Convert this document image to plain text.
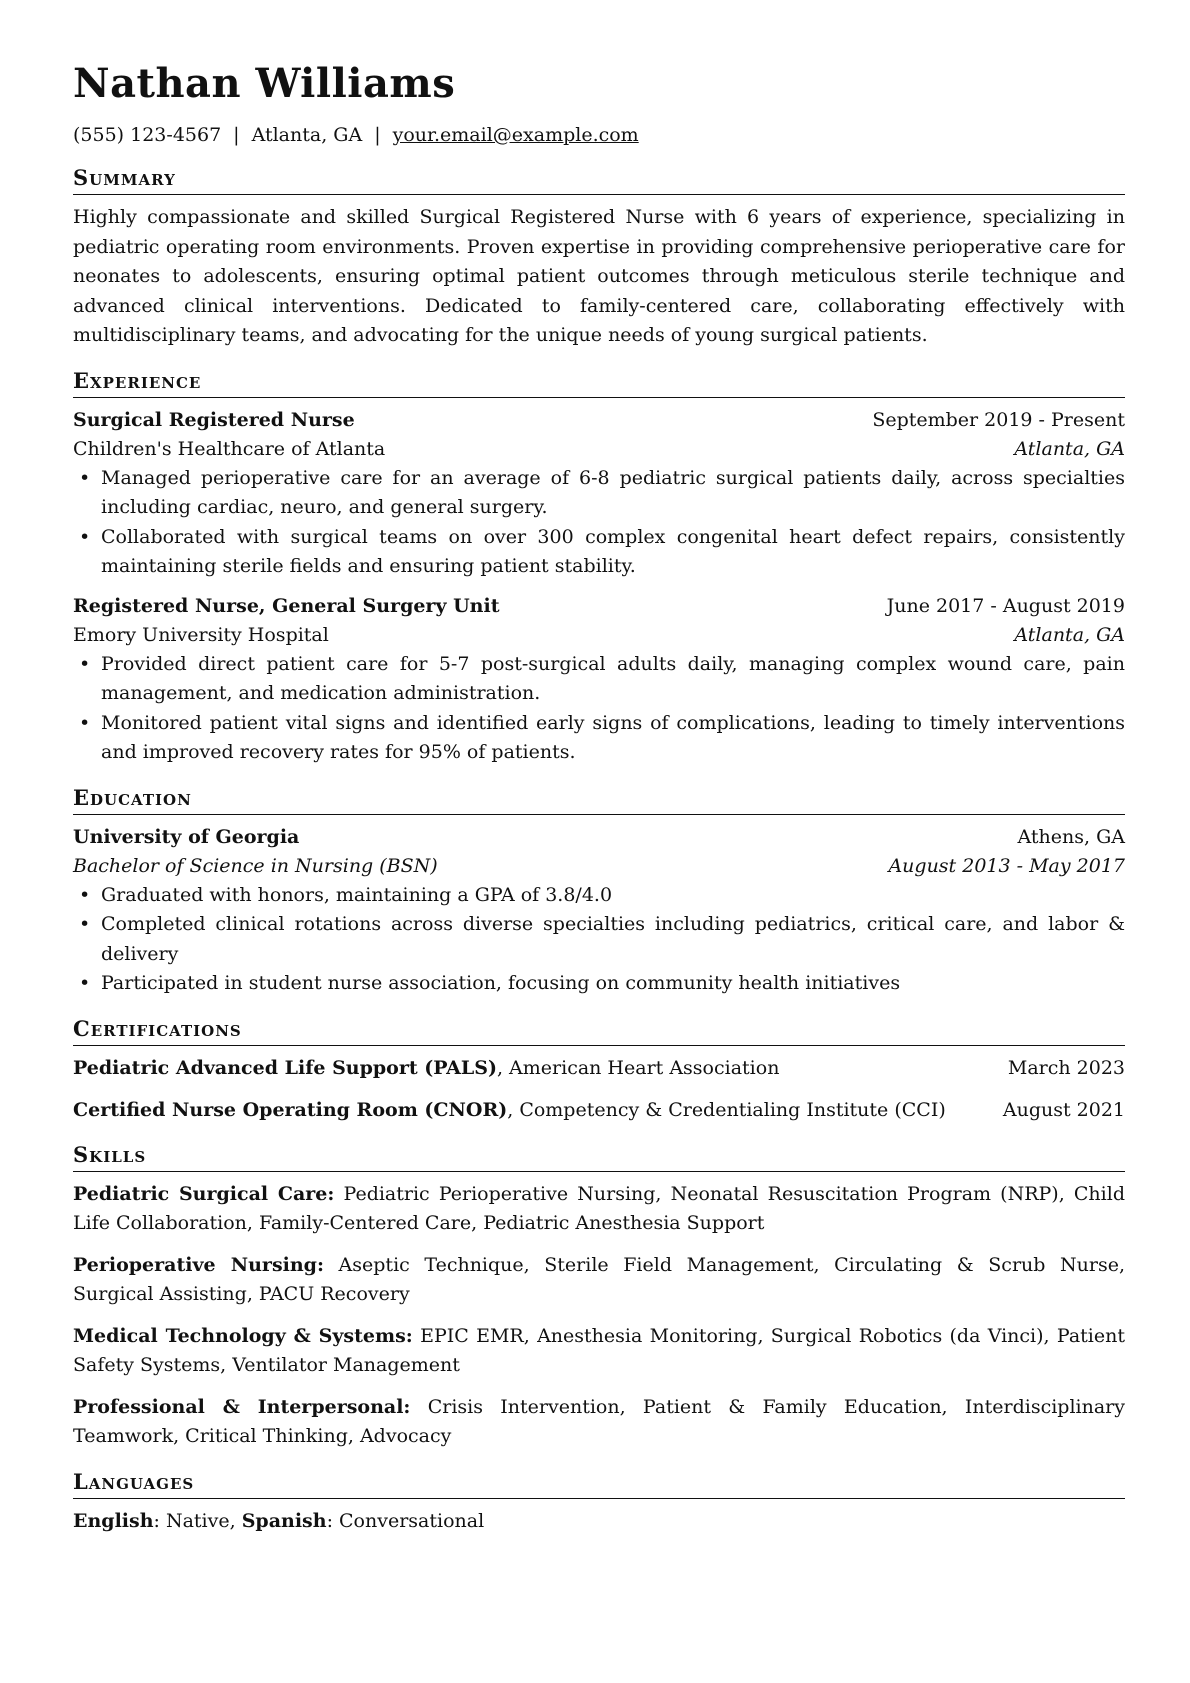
Nathan Williams
(555) 123-4567 | Atlanta, GA | your.email@example.com
Summary
Highly compassionate and skilled Surgical Registered Nurse with 6 years of experience, specializing in pediatric operating room environments. Proven expertise in providing comprehensive perioperative care for neonates to adolescents, ensuring optimal patient outcomes through meticulous sterile technique and advanced clinical interventions. Dedicated to family-centered care, collaborating effectively with multidisciplinary teams, and advocating for the unique needs of young surgical patients.
Experience
Surgical Registered Nurse	September 2019 - Present
Children's Healthcare of Atlanta	Atlanta, GA
• Managed perioperative care for an average of 6-8 pediatric surgical patients daily, across specialties including cardiac, neuro, and general surgery.
• Collaborated with surgical teams on over 300 complex congenital heart defect repairs, consistently maintaining sterile fields and ensuring patient stability.
Registered Nurse, General Surgery Unit	June 2017 - August 2019
Emory University Hospital	Atlanta, GA
• Provided direct patient care for 5-7 post-surgical adults daily, managing complex wound care, pain management, and medication administration.
• Monitored patient vital signs and identified early signs of complications, leading to timely interventions and improved recovery rates for 95% of patients.
Education
University of Georgia	Athens, GA
Bachelor of Science in Nursing (BSN)	August 2013 - May 2017
• Graduated with honors, maintaining a GPA of 3.8/4.0
• Completed clinical rotations across diverse specialties including pediatrics, critical care, and labor & delivery
• Participated in student nurse association, focusing on community health initiatives
Certifications
Pediatric Advanced Life Support (PALS), American Heart Association	March 2023
Certified Nurse Operating Room (CNOR), Competency & Credentialing Institute (CCI)	August 2021
Skills
Pediatric Surgical Care: Pediatric Perioperative Nursing, Neonatal Resuscitation Program (NRP), Child Life Collaboration, Family-Centered Care, Pediatric Anesthesia Support
Perioperative Nursing: Aseptic Technique, Sterile Field Management, Circulating & Scrub Nurse, Surgical Assisting, PACU Recovery
Medical Technology & Systems: EPIC EMR, Anesthesia Monitoring, Surgical Robotics (da Vinci), Patient Safety Systems, Ventilator Management
Professional & Interpersonal: Crisis Intervention, Patient & Family Education, Interdisciplinary Teamwork, Critical Thinking, Advocacy
Languages
English: Native, Spanish: Conversational
